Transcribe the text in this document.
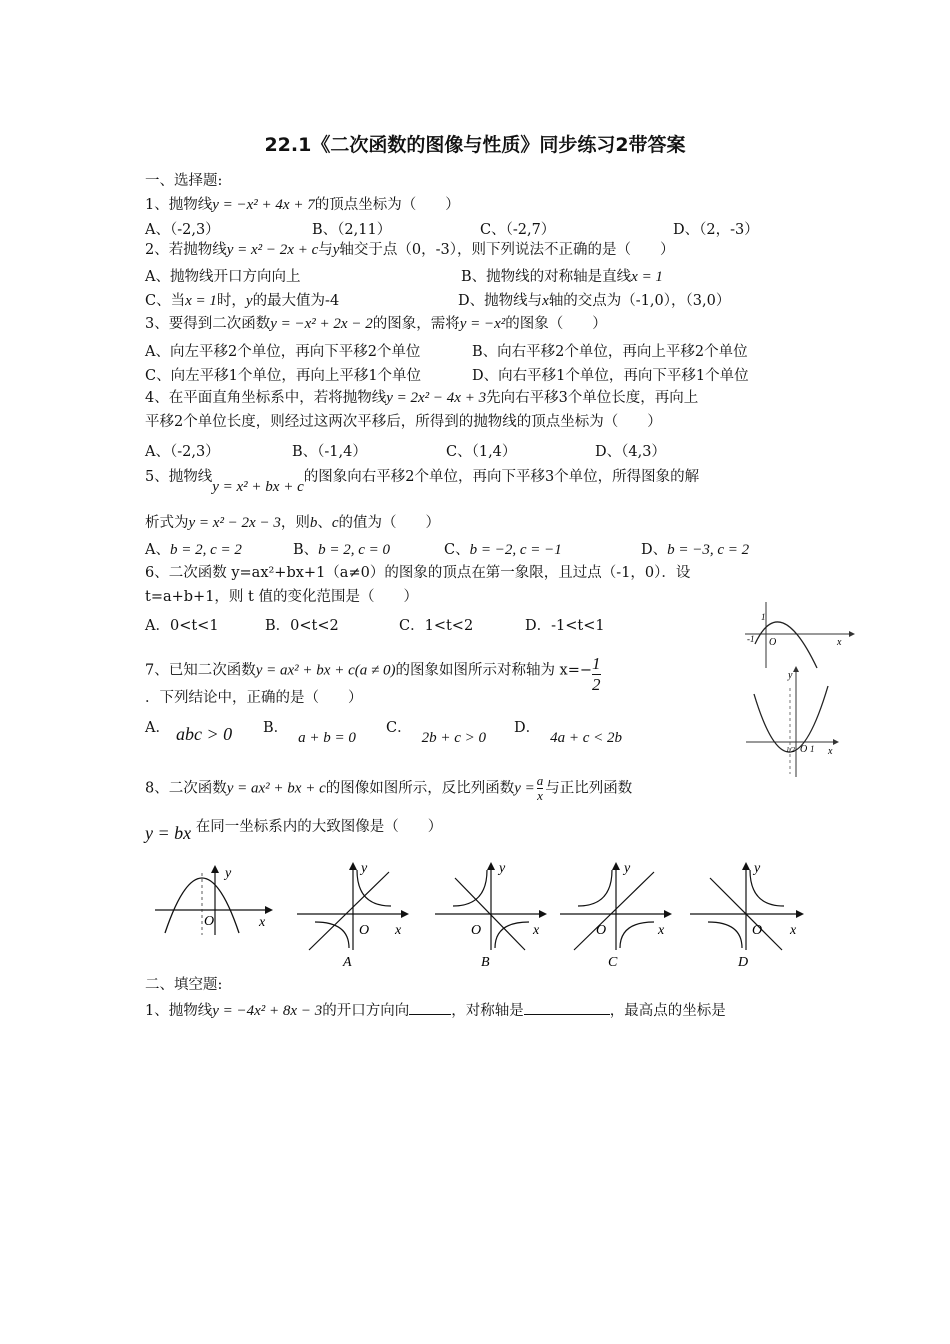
22.1《二次函数的图像与性质》同步练习2带答案
一、选择题:
1、抛物线y = −x² + 4x + 7的顶点坐标为（　　）
A、（-2,3）	B、（2,11）	C、（-2,7）	D、（2，-3）
2、若抛物线y = x² − 2x + c与y轴交于点（0，-3），则下列说法不正确的是（　　）
A、抛物线开口方向向上	B、抛物线的对称轴是直线x = 1
C、当x = 1时，y的最大值为-4	D、抛物线与x轴的交点为（-1,0），（3,0）
3、要得到二次函数y = −x² + 2x − 2的图象，需将y = −x²的图象（　　）
A、向左平移2个单位，再向下平移2个单位	B、向右平移2个单位，再向上平移2个单位
C、向左平移1个单位，再向上平移1个单位	D、向右平移1个单位，再向下平移1个单位
4、在平面直角坐标系中，若将抛物线y = 2x² − 4x + 3先向右平移3个单位长度，再向上
平移2个单位长度，则经过这两次平移后，所得到的抛物线的顶点坐标为（　　）
A、（-2,3）	B、（-1,4）	C、（1,4）	D、（4,3）
5、抛物线y = x² + bx + c的图象向右平移2个单位，再向下平移3个单位，所得图象的解
析式为y = x² − 2x − 3，则b、c的值为（　　）
A、b = 2, c = 2	B、b = 2, c = 0	C、b = −2, c = −1	D、b = −3, c = 2
6、二次函数 y=ax²+bx+1（a≠0）的图象的顶点在第一象限，且过点（-1，0）．设
t=a+b+1，则 t 值的变化范围是（　　）
A．0<t<1	B．0<t<2	C．1<t<2	D．-1<t<1
1
-1 O	x
7、已知二次函数y = ax² + bx + c(a ≠ 0)的图象如图所示对称轴为 $x=- \frac{1}{2}$
．下列结论中，正确的是（　　）
A． abc > 0 B．a + b = 0
C．2b + c > 0
D．4a + c < 2b
1/2 O 1 x
y
8、二次函数y = ax² + bx + c的图像如图所示，反比列函数$y = \frac{a}{x}$ 与正比列函数
y = bx 在同一坐标系内的大致图像是（　　）
O
y
x
O
y
x
A
O
y
x
B
O
y
x
C
O
y
x
D
二、填空题:
1、抛物线y = −4x² + 8x − 3的开口方向向	，对称轴是	，最高点的坐标是
